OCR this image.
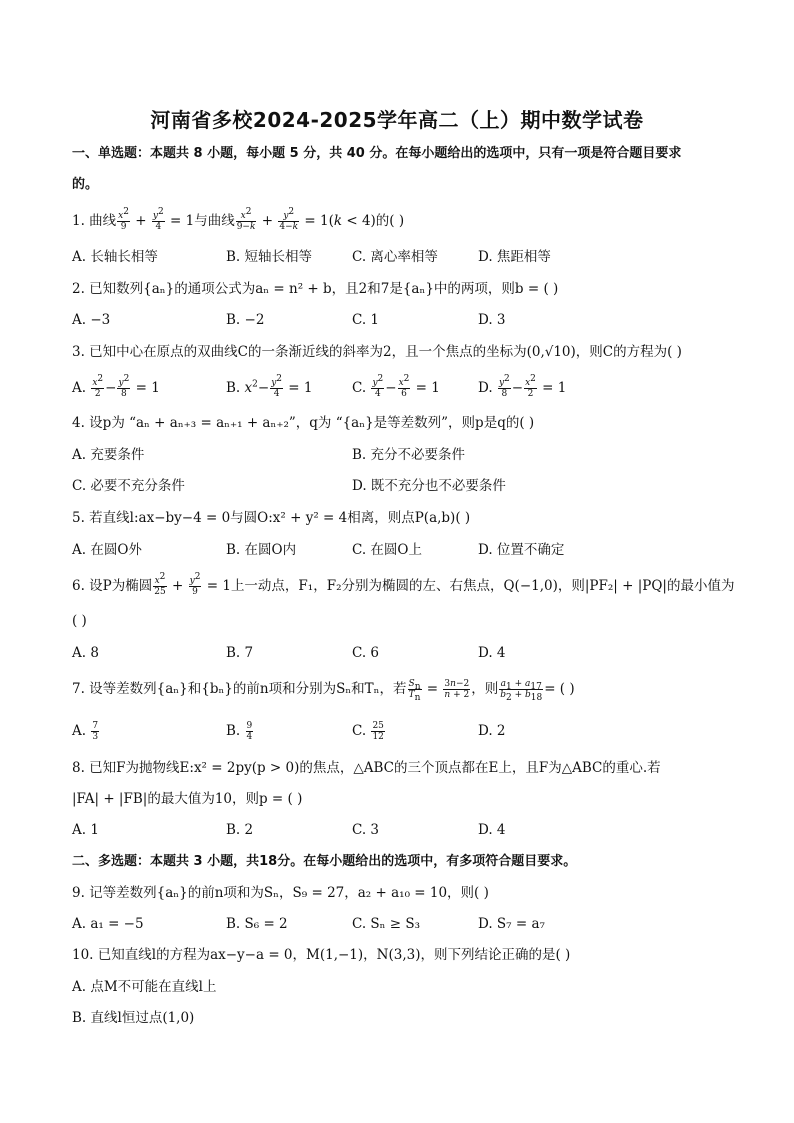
河南省多校2024-2025学年高二（上）期中数学试卷
一、单选题：本题共 8 小题，每小题 5 分，共 40 分。在每小题给出的选项中，只有一项是符合题目要求
的。
1. 曲线 $\frac{x^2}{9} + \frac{y^2}{4} = 1$与曲线 $\frac{x^2}{9-k} + \frac{y^2}{4-k} = 1(k < 4)$的( )
A. 长轴长相等	B. 短轴长相等	C. 离心率相等	D. 焦距相等
2. 已知数列{aₙ}的通项公式为aₙ = n² + b，且2和7是{aₙ}中的两项，则b = ( )
A. −3	B. −2	C. 1	D. 3
3. 已知中心在原点的双曲线C的一条渐近线的斜率为2，且一个焦点的坐标为(0,√10)，则C的方程为( )
A. $\frac{x^2}{2} - \frac{y^2}{8} = 1$	B. $x^2- \frac{y^2}{4} = 1$	C. $\frac{y^2}{4} - \frac{x^2}{6} = 1$	D. $\frac{y^2}{8} - \frac{x^2}{2} = 1$
4. 设p为 “aₙ + aₙ₊₃ = aₙ₊₁ + aₙ₊₂”，q为 “{aₙ}是等差数列”，则p是q的( )
A. 充要条件	B. 充分不必要条件
C. 必要不充分条件	D. 既不充分也不必要条件
5. 若直线l:ax−by−4 = 0与圆O:x² + y² = 4相离，则点P(a,b)( )
A. 在圆O外	B. 在圆O内	C. 在圆O上	D. 位置不确定
6. 设P为椭圆 $\frac{x^2}{25} + \frac{y^2}{9} = 1$上一动点，F₁，F₂分别为椭圆的左、右焦点，Q(−1,0)，则|PF₂| + |PQ|的最小值为
( )
A. 8	B. 7	C. 6	D. 4
7. 设等差数列{aₙ}和{bₙ}的前n项和分别为Sₙ和Tₙ，若 $\frac{S_n}{T_n} = \frac{3n-2}{n + 2}$ ，则 $\frac{a_1 + a_{17}}{b_2 + b_{18}}$ = ( )
A. $\frac{7}{3}$	B. $\frac{9}{4}$	C. $\frac{25}{12}$	D. 2
8. 已知F为抛物线E:x² = 2py(p > 0)的焦点，△ABC的三个顶点都在E上，且F为△ABC的重心.若
|FA| + |FB|的最大值为10，则p = ( )
A. 1	B. 2	C. 3	D. 4
二、多选题：本题共 3 小题，共18分。在每小题给出的选项中，有多项符合题目要求。
9. 记等差数列{aₙ}的前n项和为Sₙ，S₉ = 27，a₂ + a₁₀ = 10，则( )
A. a₁ = −5	B. S₆ = 2	C. Sₙ ≥ S₃	D. S₇ = a₇
10. 已知直线l的方程为ax−y−a = 0，M(1,−1)，N(3,3)，则下列结论正确的是( )
A. 点M不可能在直线l上
B. 直线l恒过点(1,0)
